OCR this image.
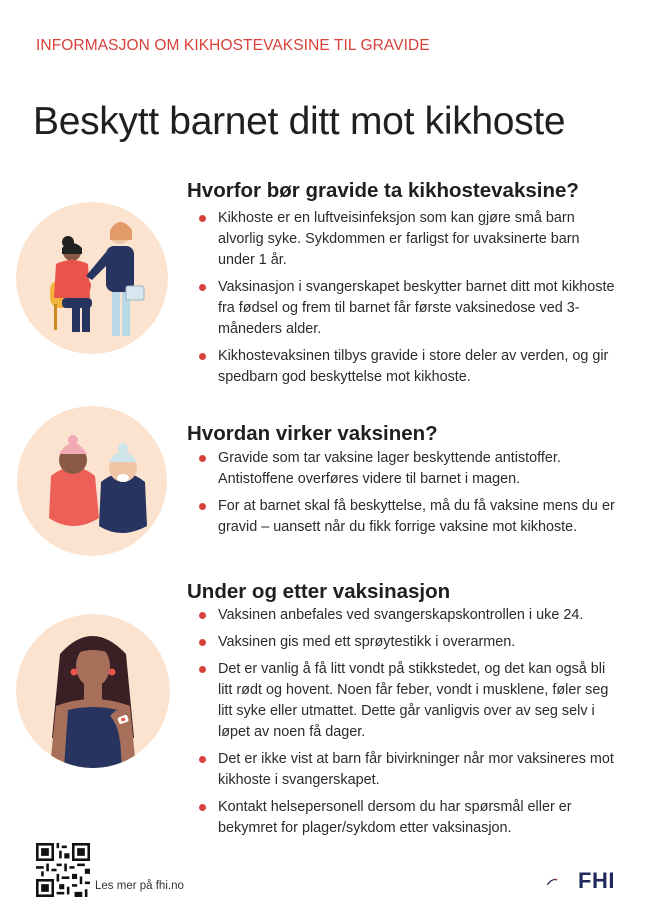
INFORMASJON OM KIKHOSTEVAKSINE TIL GRAVIDE
Beskytt barnet ditt mot kikhoste
Hvorfor bør gravide ta kikhostevaksine?
Kikhoste er en luftveisinfeksjon som kan gjøre små barn alvorlig syke. Sykdommen er farligst for uvaksinerte barn under 1 år.
Vaksinasjon i svangerskapet beskytter barnet ditt mot kikhoste fra fødsel og frem til barnet får første vaksinedose ved 3-måneders alder.
Kikhostevaksinen tilbys gravide i store deler av verden, og gir spedbarn god beskyttelse mot kikhoste.
Hvordan virker vaksinen?
Gravide som tar vaksine lager beskyttende antistoffer. Antistoffene overføres videre til barnet i magen.
For at barnet skal få beskyttelse, må du få vaksine mens du er gravid – uansett når du fikk forrige vaksine mot kikhoste.
Under og etter vaksinasjon
Vaksinen anbefales ved svangerskapskontrollen i uke 24.
Vaksinen gis med ett sprøytestikk i overarmen.
Det er vanlig å få litt vondt på stikkstedet, og det kan også bli litt rødt og hovent. Noen får feber, vondt i musklene, føler seg litt syke eller utmattet. Dette går vanligvis over av seg selv i løpet av noen få dager.
Det er ikke vist at barn får bivirkninger når mor vaksineres mot kikhoste i svangerskapet.
Kontakt helsepersonell dersom du har spørsmål eller er bekymret for plager/sykdom etter vaksinasjon.
Les mer på fhi.no	FHI
